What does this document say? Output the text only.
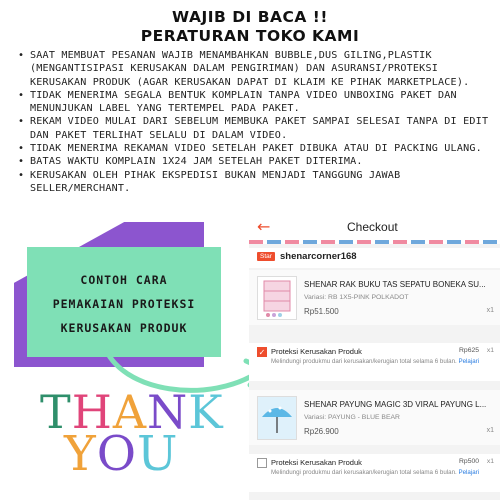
WAJIB DI BACA !!
PERATURAN TOKO KAMI
• SAAT MEMBUAT PESANAN WAJIB MENAMBAHKAN BUBBLE,DUS GILING,PLASTIK (MENGANTISIPASI KERUSAKAN DALAM PENGIRIMAN) DAN ASURANSI/PROTEKSI KERUSAKAN PRODUK (AGAR KERUSAKAN DAPAT DI KLAIM KE PIHAK MARKETPLACE).
• TIDAK MENERIMA SEGALA BENTUK KOMPLAIN TANPA VIDEO UNBOXING PAKET DAN MENUNJUKAN LABEL YANG TERTEMPEL PADA PAKET.
• REKAM VIDEO MULAI DARI SEBELUM MEMBUKA PAKET SAMPAI SELESAI TANPA DI EDIT DAN PAKET TERLIHAT SELALU DI DALAM VIDEO.
• TIDAK MENERIMA REKAMAN VIDEO SETELAH PAKET DIBUKA ATAU DI PACKING ULANG.
• BATAS WAKTU KOMPLAIN 1X24 JAM SETELAH PAKET DITERIMA.
• KERUSAKAN OLEH PIHAK EKSPEDISI BUKAN MENJADI TANGGUNG JAWAB SELLER/MERCHANT.
CONTOH CARA
PEMAKAIAN PROTEKSI
KERUSAKAN PRODUK
THANK
YOU
←	Checkout
Star shenarcorner168
SHENAR RAK BUKU TAS SEPATU BONEKA SU...
Variasi: RB 1X5-PINK POLKADOT
Rp51.500	x1
✓ Proteksi Kerusakan Produk	Rp625 x1
Melindungi produkmu dari kerusakan/kerugian total selama 6 bulan. Pelajari
SHENAR PAYUNG MAGIC 3D VIRAL PAYUNG L...
Variasi: PAYUNG - BLUE BEAR
Rp26.900	x1
Proteksi Kerusakan Produk	Rp500 x1
Melindungi produkmu dari kerusakan/kerugian total selama 6 bulan. Pelajari
